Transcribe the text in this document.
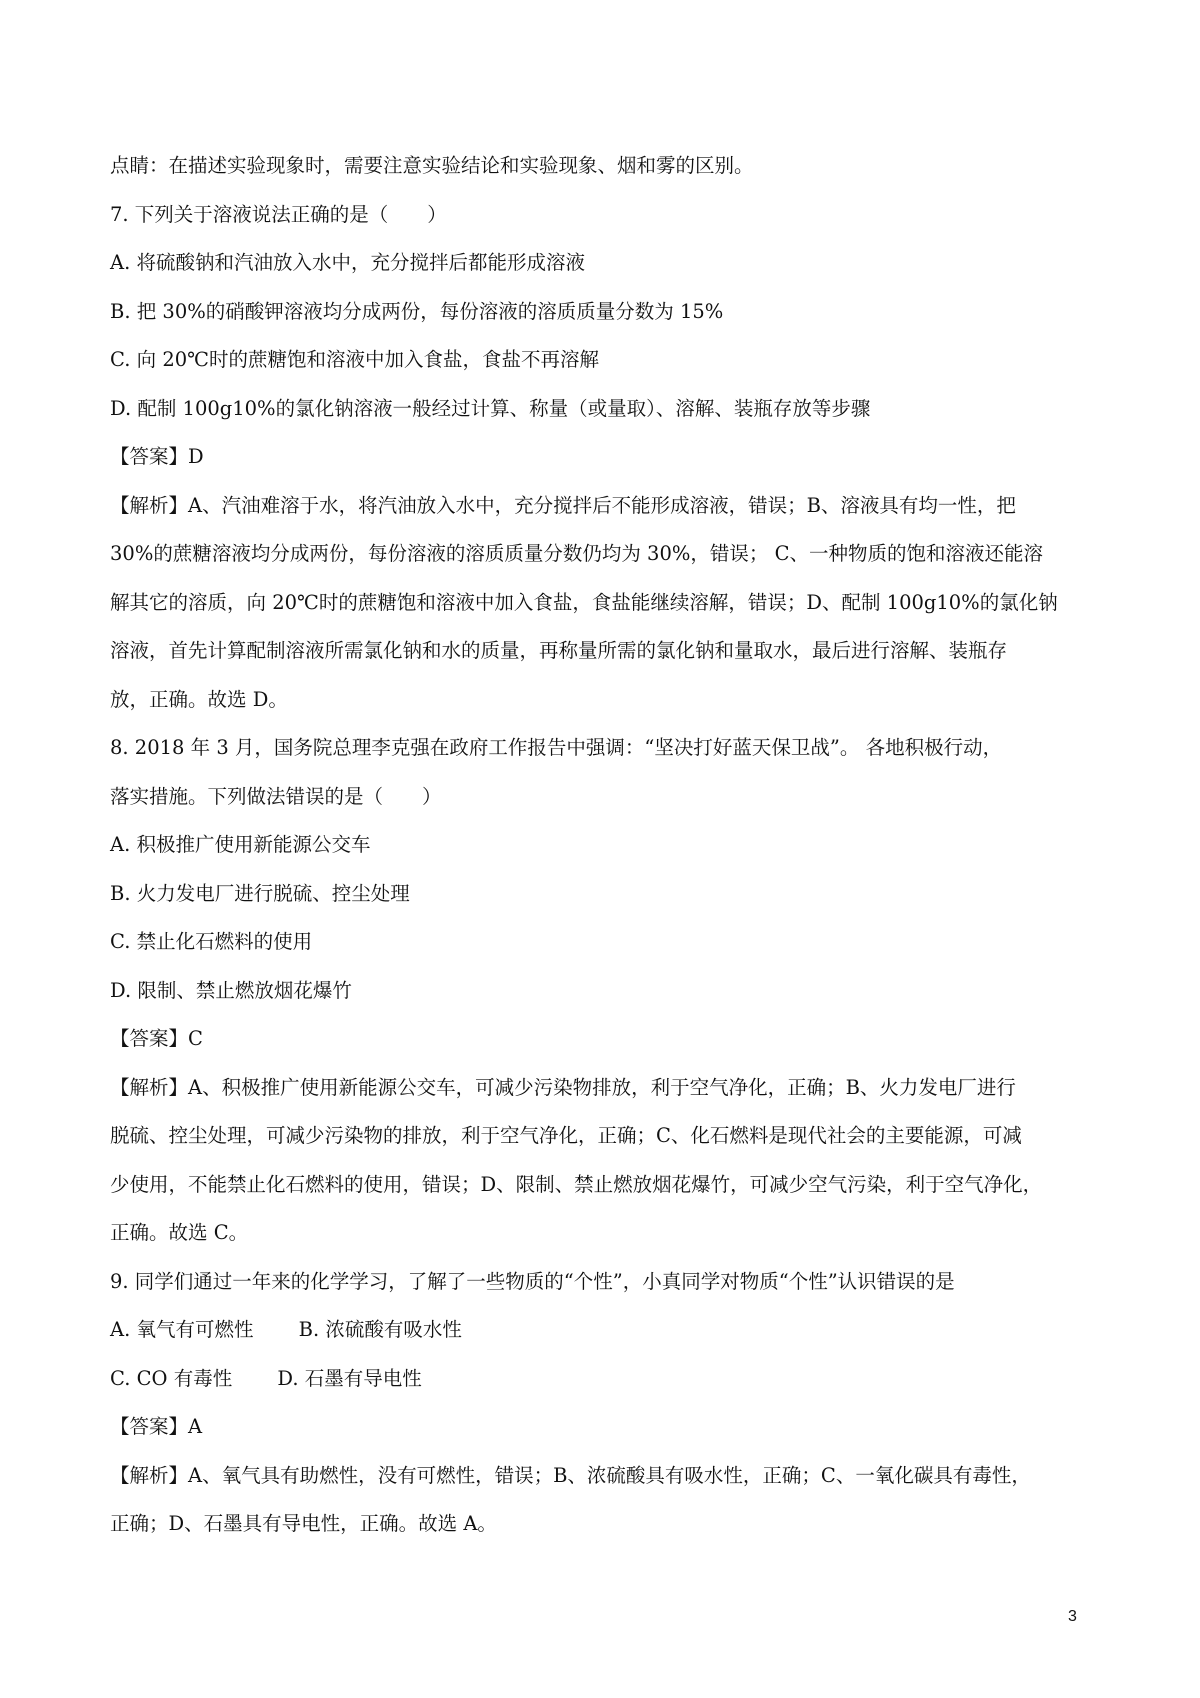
点睛：在描述实验现象时，需要注意实验结论和实验现象、烟和雾的区别。
7. 下列关于溶液说法正确的是（　　）
A. 将硫酸钠和汽油放入水中，充分搅拌后都能形成溶液
B. 把 30%的硝酸钾溶液均分成两份，每份溶液的溶质质量分数为 15%
C. 向 20℃时的蔗糖饱和溶液中加入食盐，食盐不再溶解
D. 配制 100g10%的氯化钠溶液一般经过计算、称量（或量取）、溶解、装瓶存放等步骤
【答案】D
【解析】A、汽油难溶于水，将汽油放入水中，充分搅拌后不能形成溶液，错误；B、溶液具有均一性，把
30%的蔗糖溶液均分成两份，每份溶液的溶质质量分数仍均为 30%，错误； C、一种物质的饱和溶液还能溶
解其它的溶质，向 20℃时的蔗糖饱和溶液中加入食盐，食盐能继续溶解，错误；D、配制 100g10%的氯化钠
溶液，首先计算配制溶液所需氯化钠和水的质量，再称量所需的氯化钠和量取水，最后进行溶解、装瓶存
放，正确。故选 D。
8. 2018 年 3 月，国务院总理李克强在政府工作报告中强调：“坚决打好蓝天保卫战”。 各地积极行动，
落实措施。下列做法错误的是（　　）
A. 积极推广使用新能源公交车
B. 火力发电厂进行脱硫、控尘处理
C. 禁止化石燃料的使用
D. 限制、禁止燃放烟花爆竹
【答案】C
【解析】A、积极推广使用新能源公交车，可减少污染物排放，利于空气净化，正确；B、火力发电厂进行
脱硫、控尘处理，可减少污染物的排放，利于空气净化，正确；C、化石燃料是现代社会的主要能源，可减
少使用，不能禁止化石燃料的使用，错误；D、限制、禁止燃放烟花爆竹，可减少空气污染，利于空气净化，
正确。故选 C。
9. 同学们通过一年来的化学学习，了解了一些物质的“个性”，小真同学对物质“个性”认识错误的是
A. 氧气有可燃性　　 B. 浓硫酸有吸水性
C. CO 有毒性　　 D. 石墨有导电性
【答案】A
【解析】A、氧气具有助燃性，没有可燃性，错误；B、浓硫酸具有吸水性，正确；C、一氧化碳具有毒性，
正确；D、石墨具有导电性，正确。故选 A。
3
